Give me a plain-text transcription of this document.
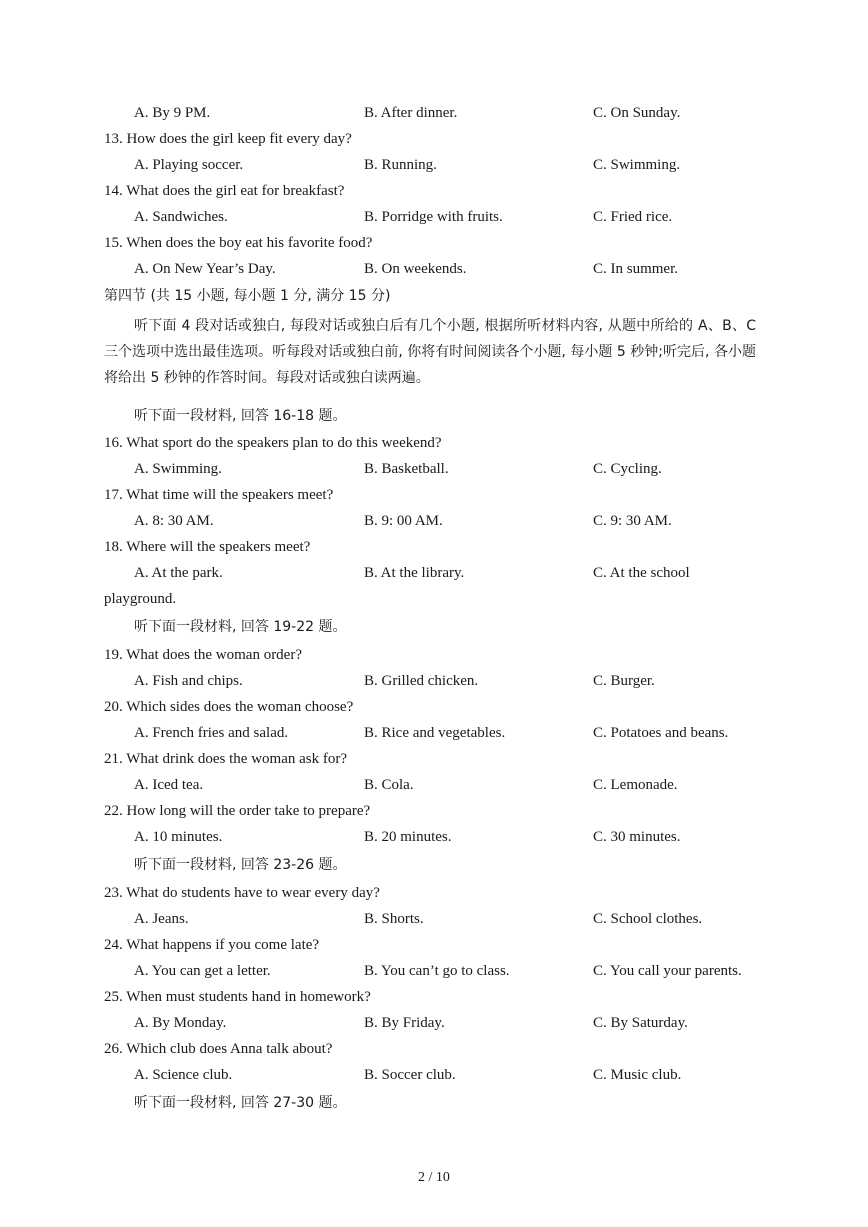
A. By 9 PM.	B. After dinner.	C. On Sunday.
13. How does the girl keep fit every day?
A. Playing soccer.	B. Running.	C. Swimming.
14. What does the girl eat for breakfast?
A. Sandwiches.	B. Porridge with fruits.	C. Fried rice.
15. When does the boy eat his favorite food?
A. On New Year’s Day.	B. On weekends.	C. In summer.
第四节 (共 15 小题, 每小题 1 分, 满分 15 分)
听下面 4 段对话或独白, 每段对话或独白后有几个小题, 根据所听材料内容, 从题中所给的 A、B、C 三个选项中选出最佳选项。听每段对话或独白前, 你将有时间阅读各个小题, 每小题 5 秒钟;听完后, 各小题将给出 5 秒钟的作答时间。每段对话或独白读两遍。
听下面一段材料, 回答 16-18 题。
16. What sport do the speakers plan to do this weekend?
A. Swimming.	B. Basketball.	C. Cycling.
17. What time will the speakers meet?
A. 8: 30 AM.	B. 9: 00 AM.	C. 9: 30 AM.
18. Where will the speakers meet?
A. At the park.	B. At the library.	C. At the school
playground.
听下面一段材料, 回答 19-22 题。
19. What does the woman order?
A. Fish and chips.	B. Grilled chicken.	C. Burger.
20. Which sides does the woman choose?
A. French fries and salad.	B. Rice and vegetables.	C. Potatoes and beans.
21. What drink does the woman ask for?
A. Iced tea.	B. Cola.	C. Lemonade.
22. How long will the order take to prepare?
A. 10 minutes.	B. 20 minutes.	C. 30 minutes.
听下面一段材料, 回答 23-26 题。
23. What do students have to wear every day?
A. Jeans.	B. Shorts.	C. School clothes.
24. What happens if you come late?
A. You can get a letter.	B. You can’t go to class.	C. You call your parents.
25. When must students hand in homework?
A. By Monday.	B. By Friday.	C. By Saturday.
26. Which club does Anna talk about?
A. Science club.	B. Soccer club.	C. Music club.
听下面一段材料, 回答 27-30 题。
2 / 10
